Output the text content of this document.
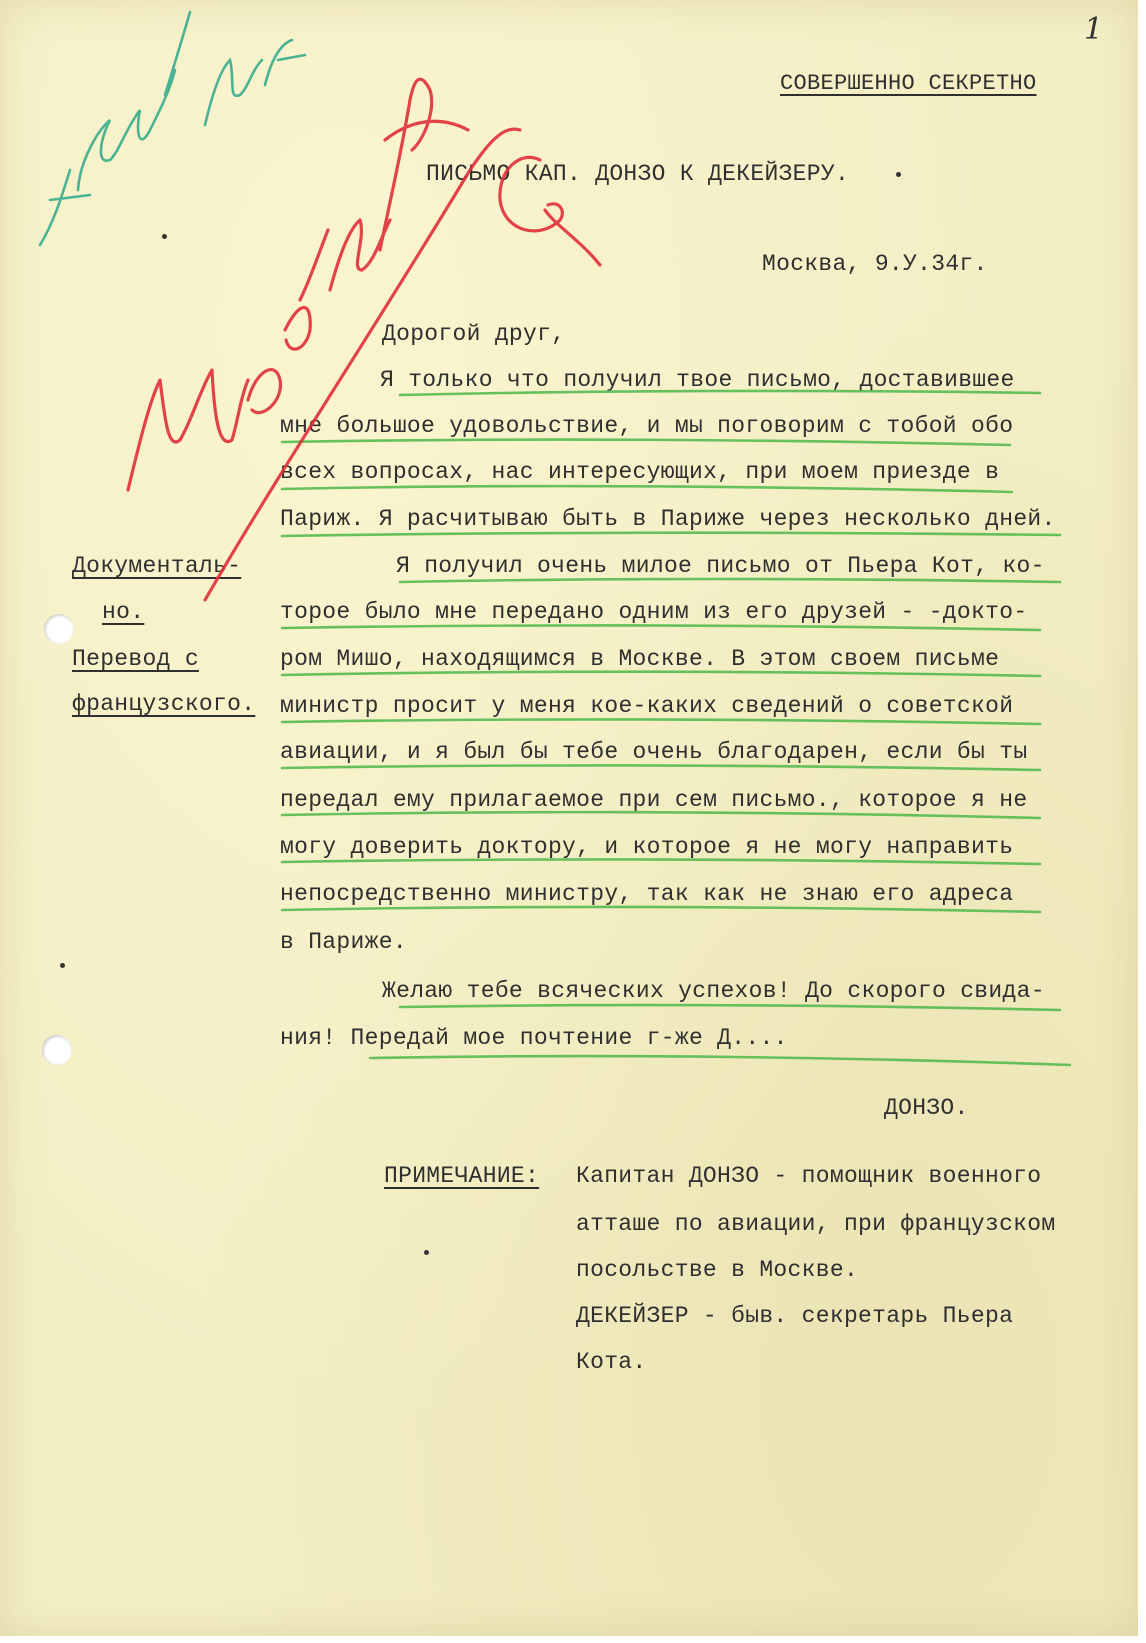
1
СОВЕРШЕННО СЕКРЕТНО
ПИСЬМО КАП. ДОНЗО К ДЕКЕЙЗЕРУ.
Москва, 9.У.34г.
Дорогой друг,
Я только что получил твое письмо, доставившее
мне большое удовольствие, и мы поговорим с тобой обо
всех вопросах, нас интересующих, при моем приезде в
Париж. Я расчитываю быть в Париже через несколько дней.
Я получил очень милое письмо от Пьера Кот, ко-
торое было мне передано одним из его друзей - -докто-
ром Мишо, находящимся в Москве. В этом своем письме
министр просит у меня кое-каких сведений о советской
авиации, и я был бы тебе очень благодарен, если бы ты
передал ему прилагаемое при сем письмо., которое я не
могу доверить доктору, и которое я не могу направить
непосредственно министру, так как не знаю его адреса
в Париже.
Желаю тебе всяческих успехов! До скорого свида-
ния! Передай мое почтение г-же Д....
ДОНЗО.
Документаль-
но.
Перевод с
французского.
ПРИМЕЧАНИЕ: Капитан ДОНЗО - помощник военного
атташе по авиации, при французском
посольстве в Москве.
ДЕКЕЙЗЕР - быв. секретарь Пьера
Кота.
